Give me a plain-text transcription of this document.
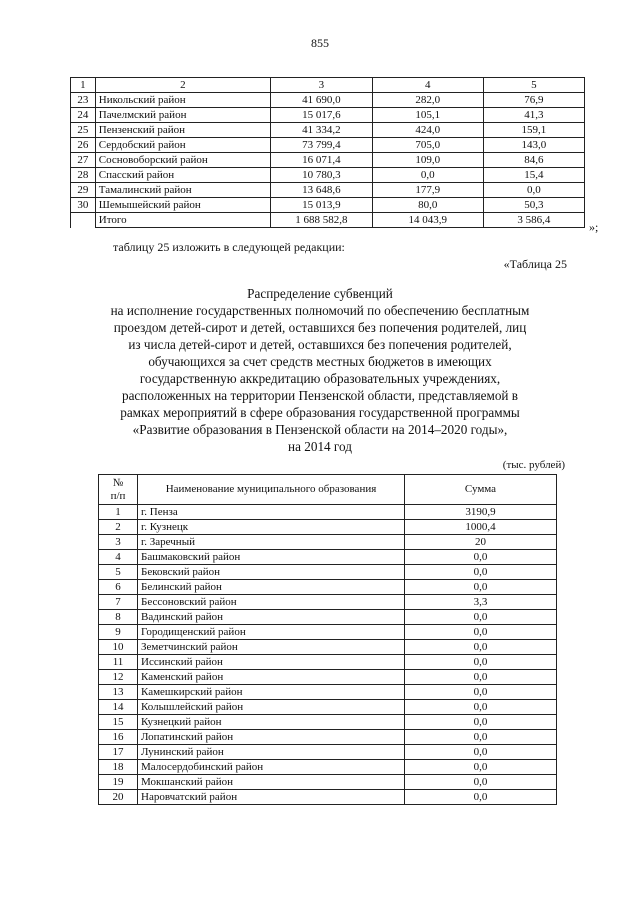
855
1	2	3	4	5
23	Никольский район	41 690,0	282,0	76,9
24	Пачелмский район	15 017,6	105,1	41,3
25	Пензенский район	41 334,2	424,0	159,1
26	Сердобский район	73 799,4	705,0	143,0
27	Сосновоборский район	16 071,4	109,0	84,6
28	Спасский район	10 780,3	0,0	15,4
29	Тамалинский район	13 648,6	177,9	0,0
30	Шемышейский район	15 013,9	80,0	50,3
	Итого	1 688 582,8	14 043,9	3 586,4	»;
таблицу 25 изложить в следующей редакции:
«Таблица 25
Распределение субвенций
на исполнение государственных полномочий по обеспечению бесплатным
проездом детей-сирот и детей, оставшихся без попечения родителей, лиц
из числа детей-сирот и детей, оставшихся без попечения родителей,
обучающихся за счет средств местных бюджетов в имеющих
государственную аккредитацию образовательных учреждениях,
расположенных на территории Пензенской области, представляемой в
рамках мероприятий в сфере образования государственной программы
«Развитие образования в Пензенской области на 2014–2020 годы»,
на 2014 год
(тыс. рублей)
№
п/п	Наименование муниципального образования	Сумма
1	г. Пенза	3190,9
2	г. Кузнецк	1000,4
3	г. Заречный	20
4	Башмаковский район	0,0
5	Бековский район	0,0
6	Белинский район	0,0
7	Бессоновский район	3,3
8	Вадинский район	0,0
9	Городищенский район	0,0
10	Земетчинский район	0,0
11	Иссинский район	0,0
12	Каменский район	0,0
13	Камешкирский район	0,0
14	Колышлейский район	0,0
15	Кузнецкий район	0,0
16	Лопатинский район	0,0
17	Лунинский район	0,0
18	Малосердобинский район	0,0
19	Мокшанский район	0,0
20	Наровчатский район	0,0
